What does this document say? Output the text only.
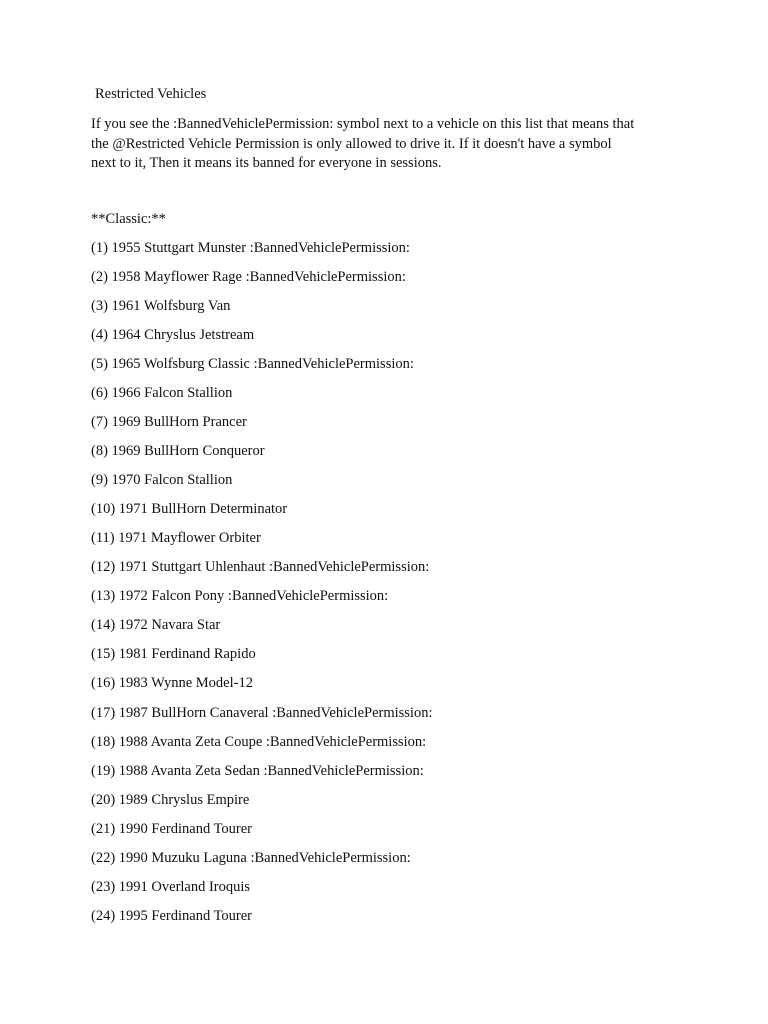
Restricted Vehicles
If you see the :BannedVehiclePermission: symbol next to a vehicle on this list that means that
the @Restricted Vehicle Permission is only allowed to drive it. If it doesn't have a symbol
next to it, Then it means its banned for everyone in sessions.
**Classic:**
(1) 1955 Stuttgart Munster :BannedVehiclePermission:
(2) 1958 Mayflower Rage :BannedVehiclePermission:
(3) 1961 Wolfsburg Van
(4) 1964 Chryslus Jetstream
(5) 1965 Wolfsburg Classic :BannedVehiclePermission:
(6) 1966 Falcon Stallion
(7) 1969 BullHorn Prancer
(8) 1969 BullHorn Conqueror
(9) 1970 Falcon Stallion
(10) 1971 BullHorn Determinator
(11) 1971 Mayflower Orbiter
(12) 1971 Stuttgart Uhlenhaut :BannedVehiclePermission:
(13) 1972 Falcon Pony :BannedVehiclePermission:
(14) 1972 Navara Star
(15) 1981 Ferdinand Rapido
(16) 1983 Wynne Model-12
(17) 1987 BullHorn Canaveral :BannedVehiclePermission:
(18) 1988 Avanta Zeta Coupe :BannedVehiclePermission:
(19) 1988 Avanta Zeta Sedan :BannedVehiclePermission:
(20) 1989 Chryslus Empire
(21) 1990 Ferdinand Tourer
(22) 1990 Muzuku Laguna :BannedVehiclePermission:
(23) 1991 Overland Iroquis
(24) 1995 Ferdinand Tourer
